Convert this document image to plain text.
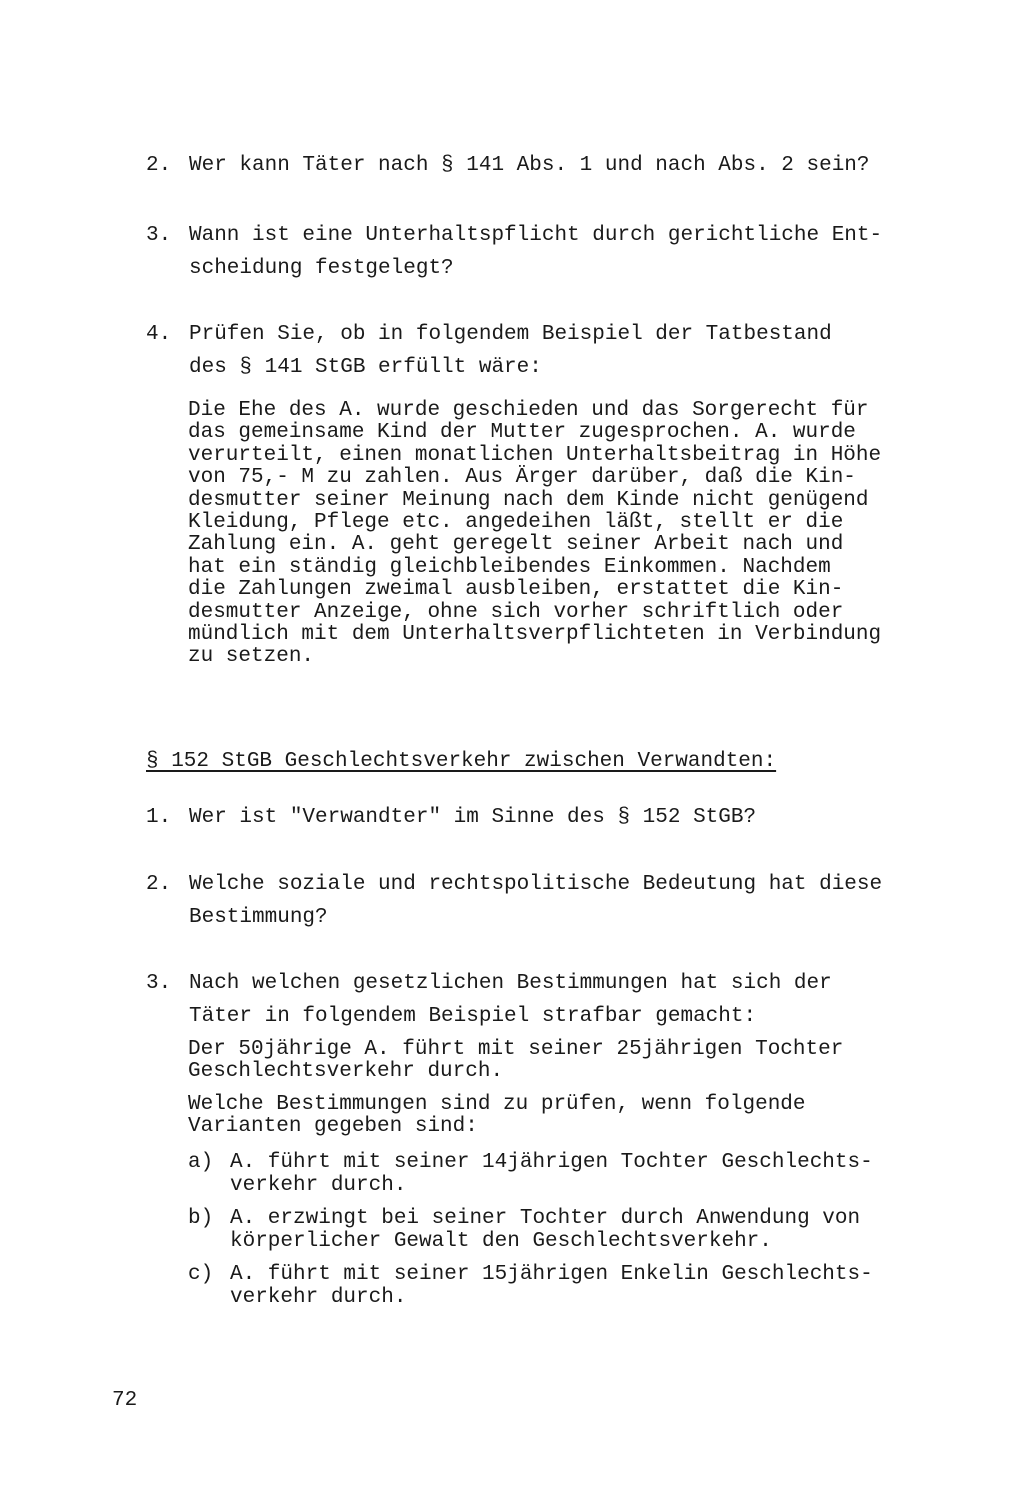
2. Wer kann Täter nach § 141 Abs. 1 und nach Abs. 2 sein?
3. Wann ist eine Unterhaltspflicht durch gerichtliche Ent-
scheidung festgelegt?
4. Prüfen Sie, ob in folgendem Beispiel der Tatbestand
des § 141 StGB erfüllt wäre:
Die Ehe des A. wurde geschieden und das Sorgerecht für
das gemeinsame Kind der Mutter zugesprochen. A. wurde
verurteilt, einen monatlichen Unterhaltsbeitrag in Höhe
von 75,- M zu zahlen. Aus Ärger darüber, daß die Kin-
desmutter seiner Meinung nach dem Kinde nicht genügend
Kleidung, Pflege etc. angedeihen läßt, stellt er die
Zahlung ein. A. geht geregelt seiner Arbeit nach und
hat ein ständig gleichbleibendes Einkommen. Nachdem
die Zahlungen zweimal ausbleiben, erstattet die Kin-
desmutter Anzeige, ohne sich vorher schriftlich oder
mündlich mit dem Unterhaltsverpflichteten in Verbindung
zu setzen.
§ 152 StGB Geschlechtsverkehr zwischen Verwandten:
1. Wer ist "Verwandter" im Sinne des § 152 StGB?
2. Welche soziale und rechtspolitische Bedeutung hat diese
Bestimmung?
3. Nach welchen gesetzlichen Bestimmungen hat sich der
Täter in folgendem Beispiel strafbar gemacht:
Der 50jährige A. führt mit seiner 25jährigen Tochter
Geschlechtsverkehr durch.
Welche Bestimmungen sind zu prüfen, wenn folgende
Varianten gegeben sind:
a) A. führt mit seiner 14jährigen Tochter Geschlechts-
verkehr durch.
b) A. erzwingt bei seiner Tochter durch Anwendung von
körperlicher Gewalt den Geschlechtsverkehr.
c) A. führt mit seiner 15jährigen Enkelin Geschlechts-
verkehr durch.
72
